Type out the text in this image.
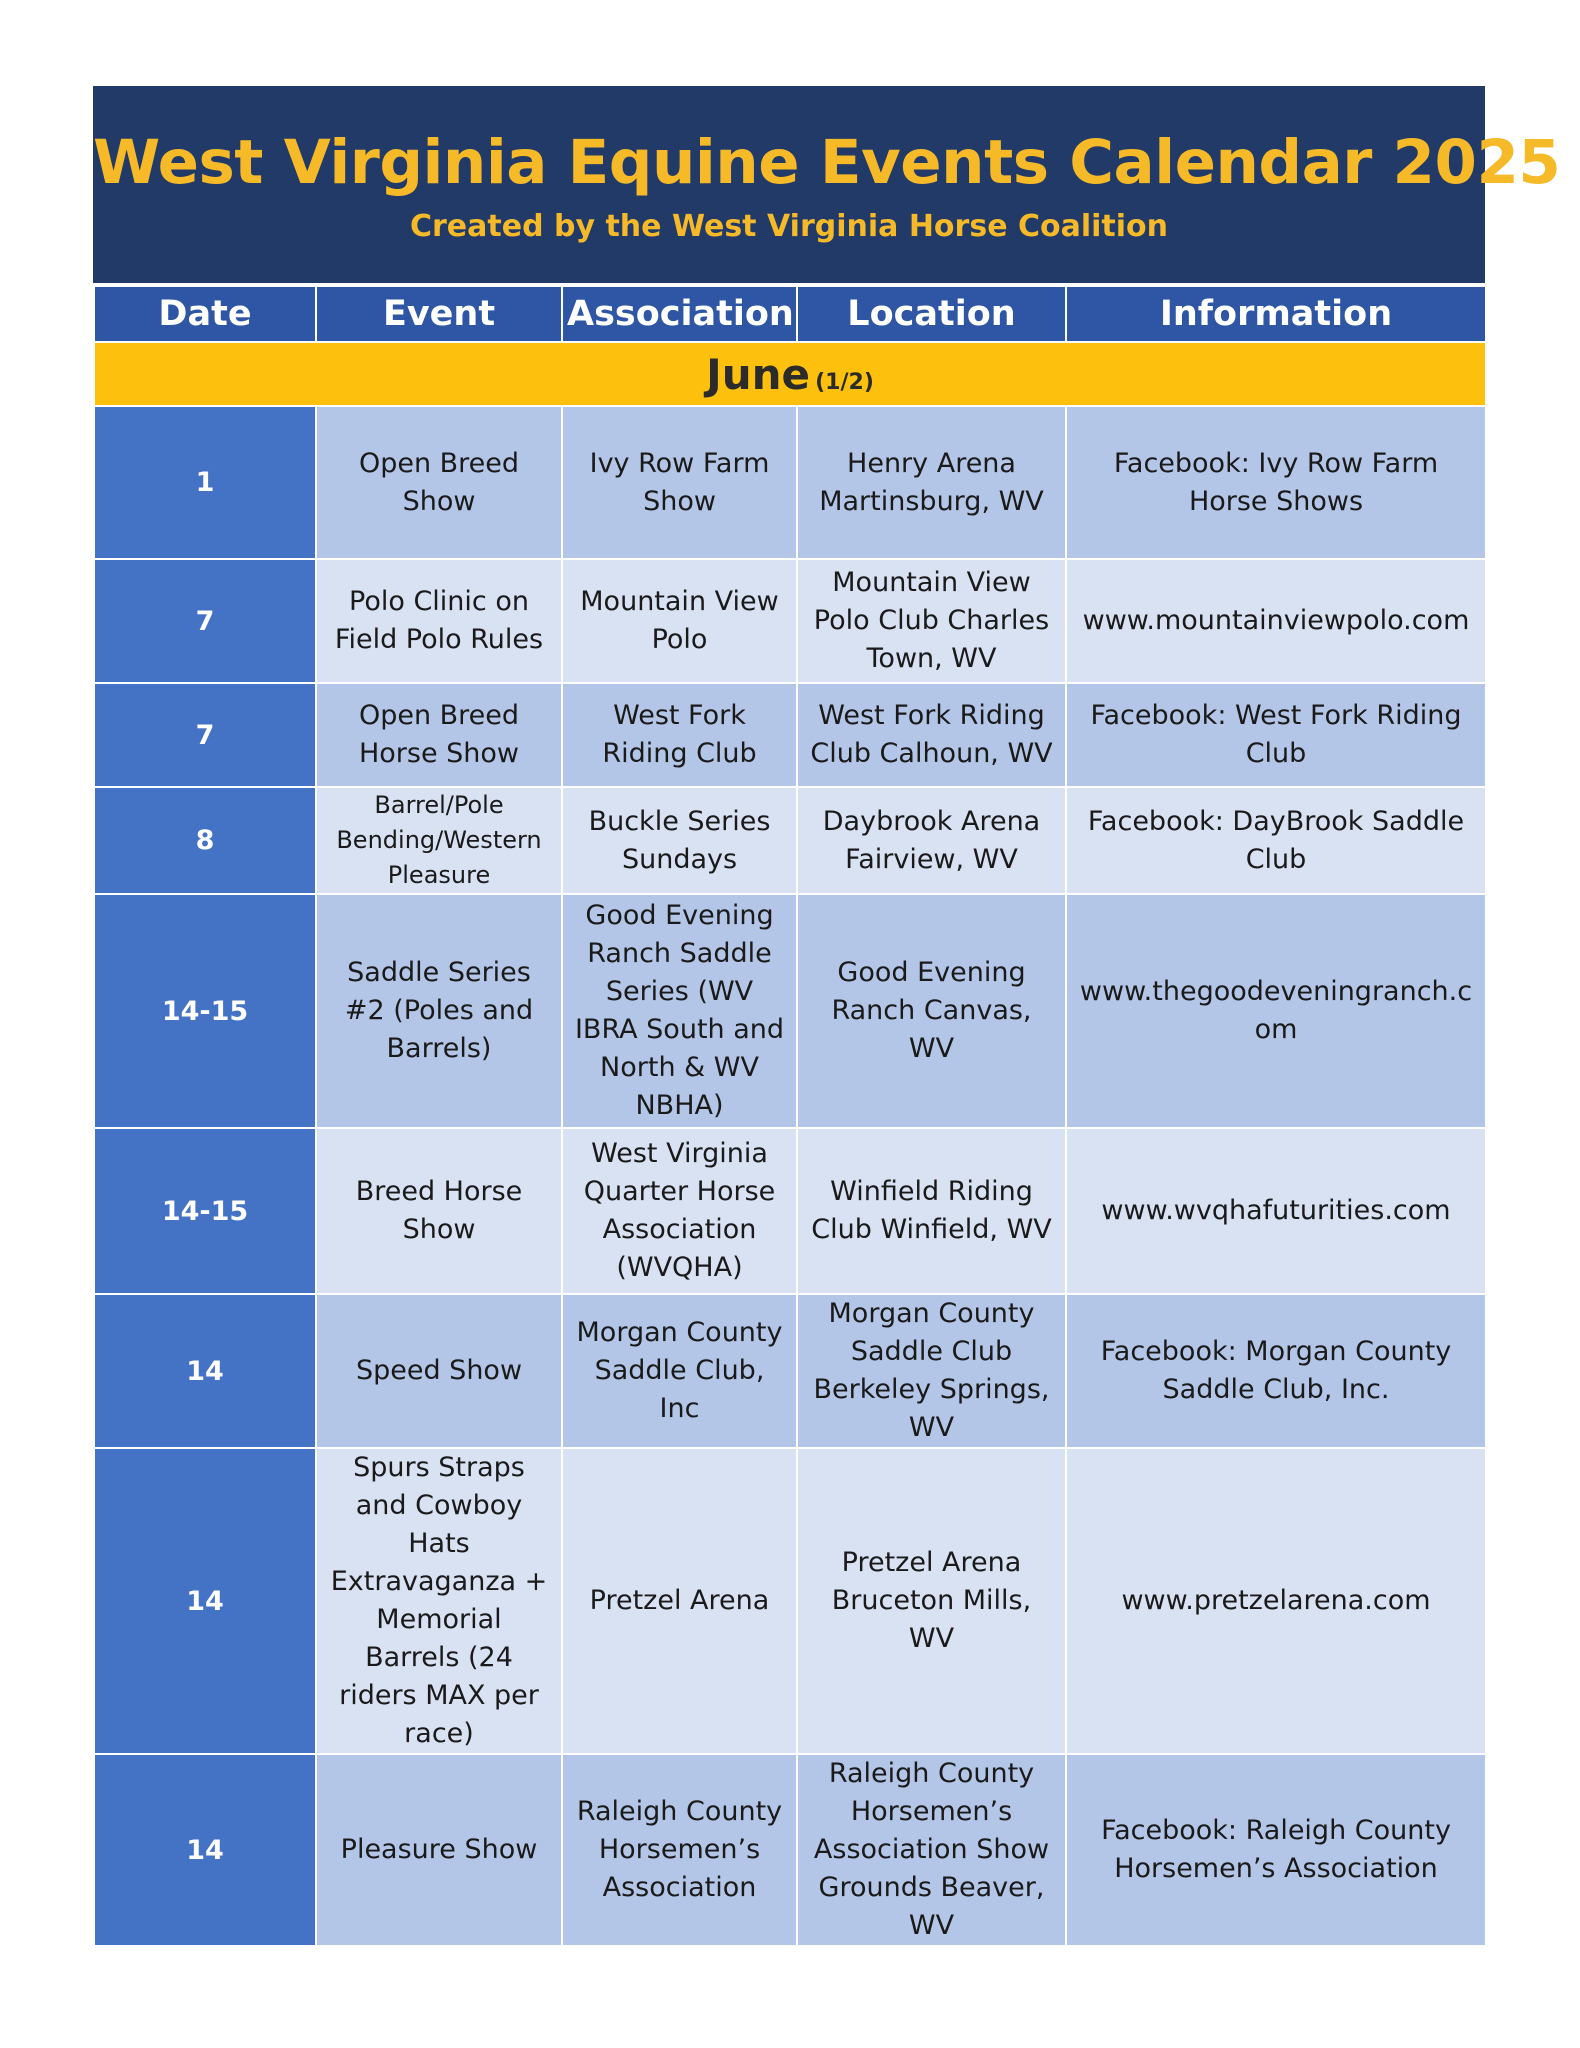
West Virginia Equine Events Calendar 2025
Created by the West Virginia Horse Coalition
Date	Event	Association	Location	Information
June (1/2)				
1	Open Breed Show	Ivy Row Farm Show	Henry Arena Martinsburg, WV	Facebook: Ivy Row Farm Horse Shows
7	Polo Clinic on Field Polo Rules	Mountain View Polo	Mountain View Polo Club Charles Town, WV	www.mountainviewpolo.com
7	Open Breed Horse Show	West Fork Riding Club	West Fork Riding Club Calhoun, WV	Facebook: West Fork Riding Club
8	Barrel/Pole Bending/Western Pleasure	Buckle Series Sundays	Daybrook Arena Fairview, WV	Facebook: DayBrook Saddle Club
14-15	Saddle Series #2 (Poles and Barrels)	Good Evening Ranch Saddle Series (WV IBRA South and North & WV NBHA)	Good Evening Ranch Canvas, WV	www.thegoodeveningranch.com
14-15	Breed Horse Show	West Virginia Quarter Horse Association (WVQHA)	Winfield Riding Club Winfield, WV	www.wvqhafuturities.com
14	Speed Show	Morgan County Saddle Club, Inc	Morgan County Saddle Club Berkeley Springs, WV	Facebook: Morgan County Saddle Club, Inc.
14	Spurs Straps and Cowboy Hats Extravaganza + Memorial Barrels (24 riders MAX per race)	Pretzel Arena	Pretzel Arena Bruceton Mills, WV	www.pretzelarena.com
14	Pleasure Show	Raleigh County Horsemen’s Association	Raleigh County Horsemen’s Association Show Grounds Beaver, WV	Facebook: Raleigh County Horsemen’s Association
